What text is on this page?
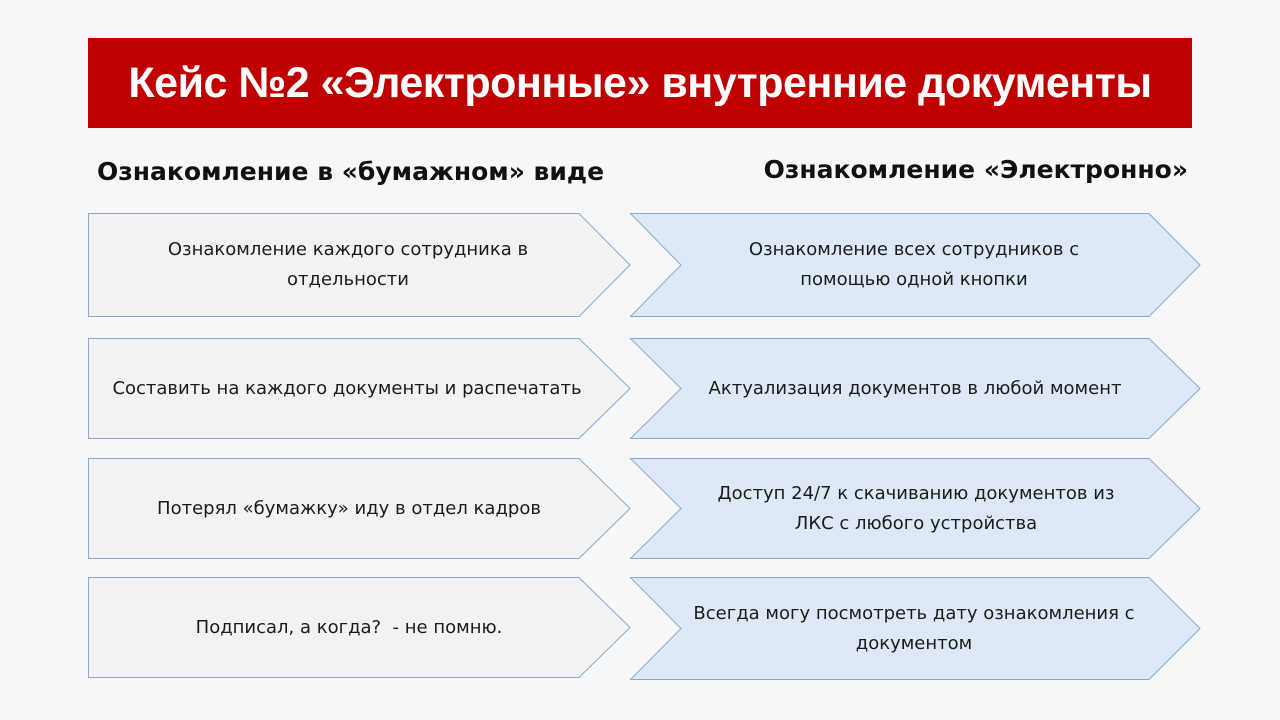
Кейс №2 «Электронные» внутренние документы
Ознакомление в «бумажном» виде	Ознакомление «Электронно»
Ознакомление каждого сотрудника в отдельности
Составить на каждого документы и распечатать
Потерял «бумажку» иду в отдел кадров
Подписал, а когда?  - не помню.
Ознакомление всех сотрудников с помощью одной кнопки
Актуализация документов в любой момент
Доступ 24/7 к скачиванию документов из ЛКС с любого устройства
Всегда могу посмотреть дату ознакомления с документом
